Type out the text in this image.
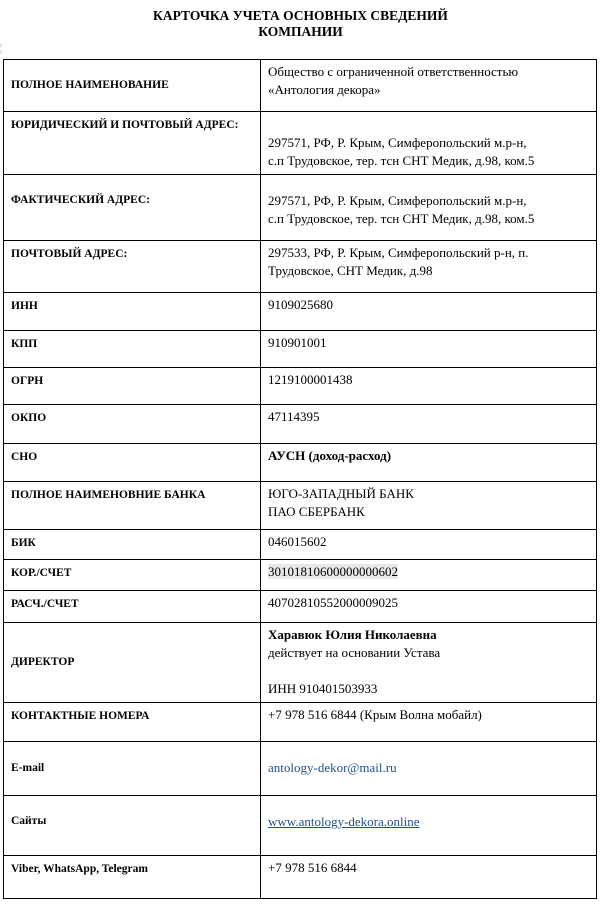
КАРТОЧКА УЧЕТА ОСНОВНЫХ СВЕДЕНИЙ
КОМПАНИИ
¦
ПОЛНОЕ НАИМЕНОВАНИЕ	Общество с ограниченной ответственностью
«Антология декора»

ЮРИДИЧЕСКИЙ И ПОЧТОВЫЙ АДРЕС:	297571, РФ, Р. Крым, Симферопольский м.р-н,
с.п Трудовское, тер. тсн СНТ Медик, д.98, ком.5

ФАКТИЧЕСКИЙ АДРЕС:	297571, РФ, Р. Крым, Симферопольский м.р-н,
с.п Трудовское, тер. тсн СНТ Медик, д.98, ком.5

ПОЧТОВЫЙ АДРЕС:	297533, РФ, Р. Крым, Симферопольский р-н, п.
Трудовское, СНТ Медик, д.98

ИНН	9109025680
КПП	910901001
ОГРН	1219100001438
ОКПО	47114395
СНО	АУСН (доход-расход)
ПОЛНОЕ НАИМЕНОВНИЕ БАНКА	ЮГО-ЗАПАДНЫЙ БАНК
ПАО СБЕРБАНК

БИК	046015602
КОР./СЧЕТ	30101810600000000602
РАСЧ./СЧЕТ	40702810552000009025
ДИРЕКТОР	Харавюк Юлия Николаевна
действует на основании Устава
ИНН 910401503933

КОНТАКТНЫЕ НОМЕРА	+7 978 516 6844 (Крым Волна мобайл)
E-mail	antology-dekor@mail.ru
Сайты	www.antology-dekora.online
Viber, WhatsApp, Telegram	+7 978 516 6844
